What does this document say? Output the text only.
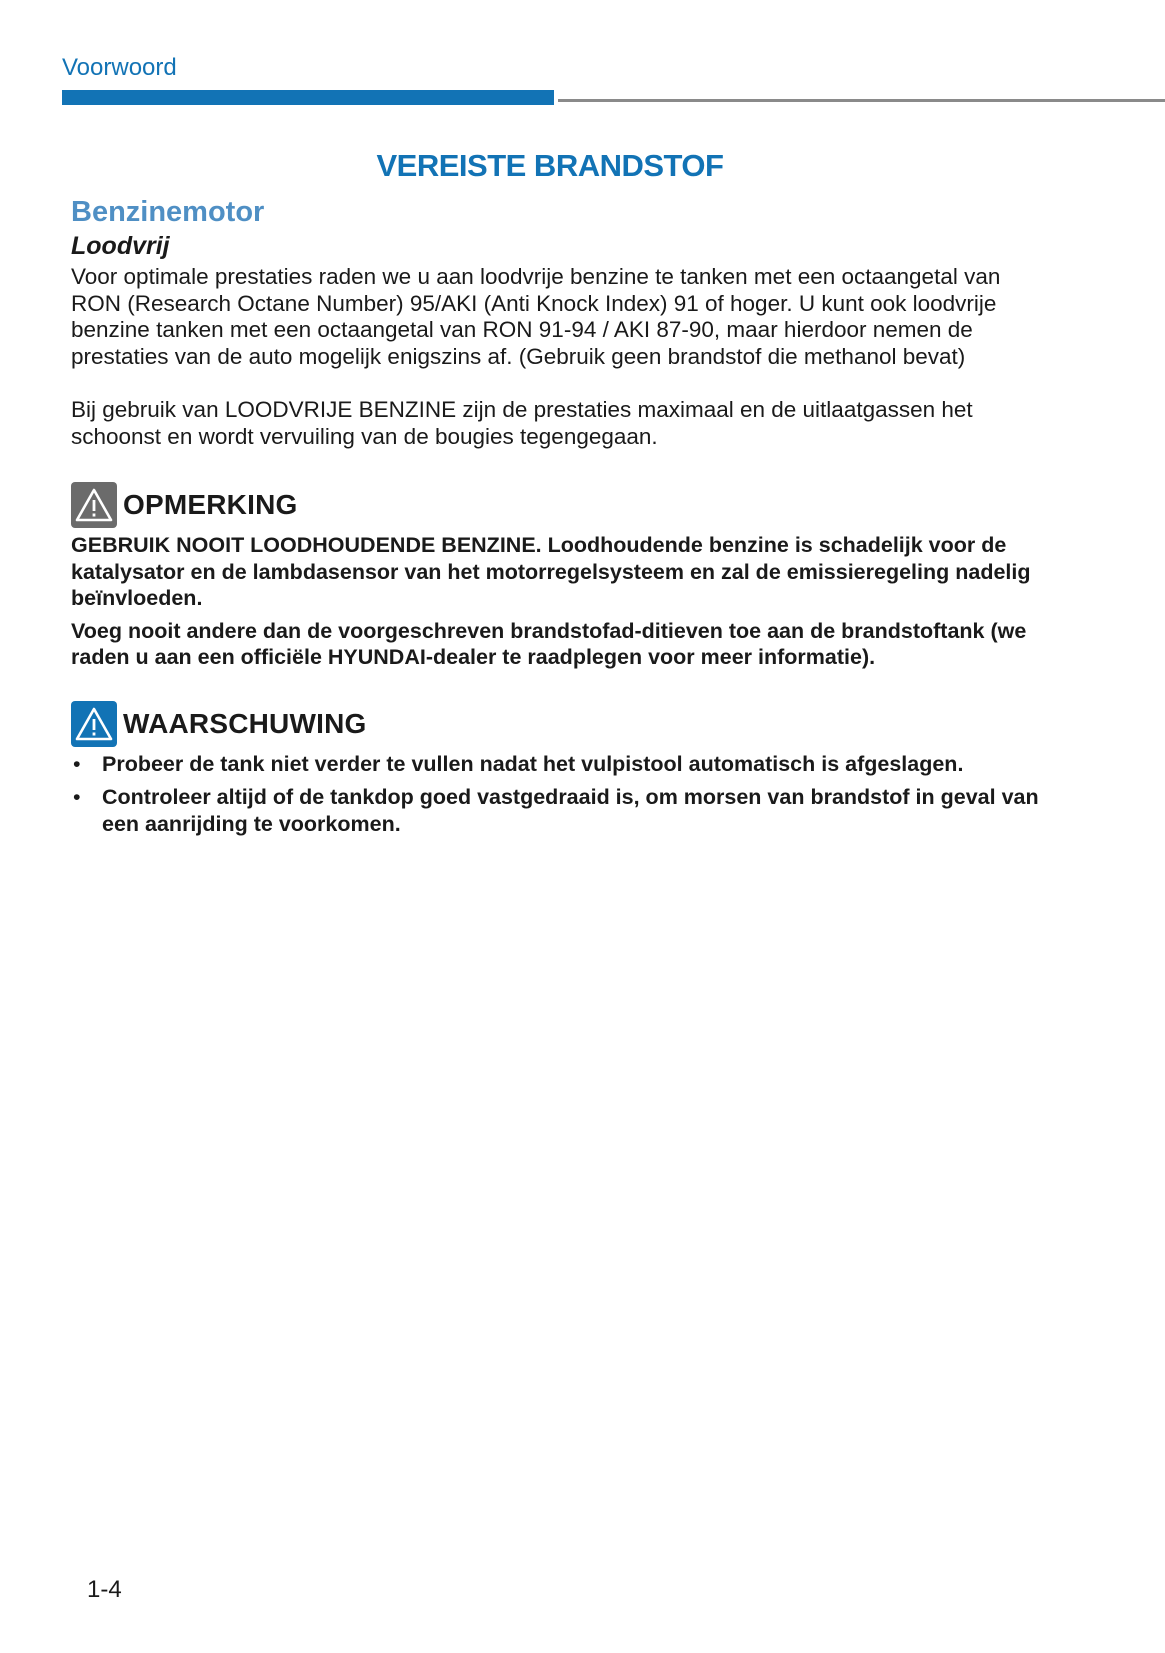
Voorwoord
VEREISTE BRANDSTOF
Benzinemotor
Loodvrij

Voor optimale prestaties raden we u aan loodvrije benzine te tanken met een octaangetal van RON (Research Octane Number) 95/AKI (Anti Knock Index) 91 of hoger. U kunt ook loodvrije benzine tanken met een octaangetal van RON 91-94 / AKI 87-90, maar hierdoor nemen de prestaties van de auto mogelijk enigszins af. (Gebruik geen brandstof die methanol bevat)

Bij gebruik van LOODVRIJE BENZINE zijn de prestaties maximaal en de uitlaatgassen het schoonst en wordt vervuiling van de bougies tegengegaan.

OPMERKING

GEBRUIK NOOIT LOODHOUDENDE BENZINE. Loodhoudende benzine is schadelijk voor de katalysator en de lambdasensor van het motorregelsysteem en zal de emissieregeling nadelig beïnvloeden.

Voeg nooit andere dan de voorgeschreven brandstofad-ditieven toe aan de brandstoftank (we raden u aan een officiële HYUNDAI-dealer te raadplegen voor meer informatie).

WAARSCHUWING
• Probeer de tank niet verder te vullen nadat het vulpistool automatisch is afgeslagen.
• Controleer altijd of de tankdop goed vastgedraaid is, om morsen van brandstof in geval van een aanrijding te voorkomen.
1-4
